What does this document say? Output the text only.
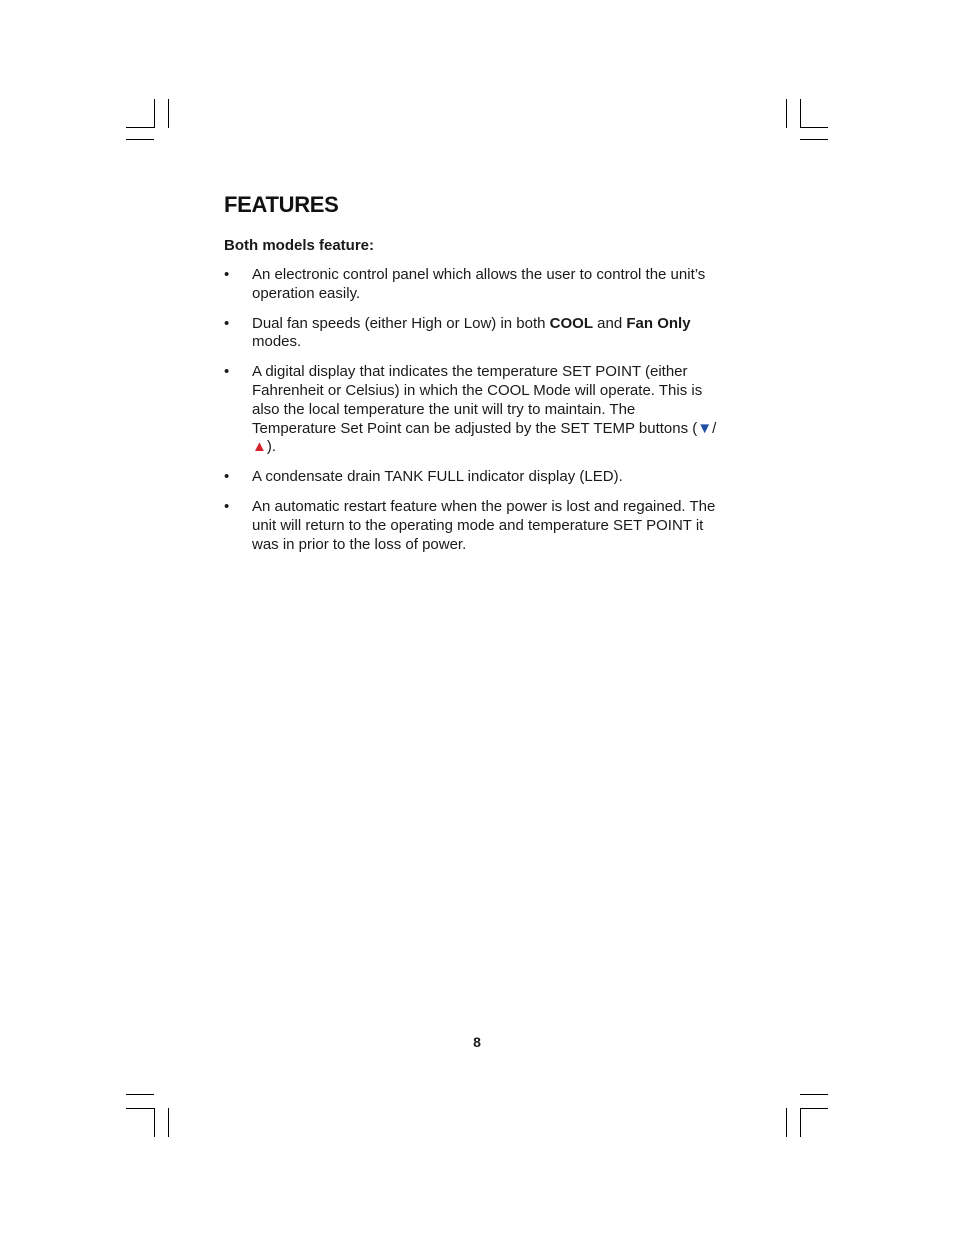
FEATURES

Both models feature:

• An electronic control panel which allows the user to control the unit’s operation easily.
• Dual fan speeds (either High or Low) in both COOL and Fan Only modes.
• A digital display that indicates the temperature SET POINT (either Fahrenheit or Celsius) in which the COOL Mode will operate. This is also the local temperature the unit will try to maintain. The Temperature Set Point can be adjusted by the SET TEMP buttons (▼/▲).
• A condensate drain TANK FULL indicator display (LED).
• An automatic restart feature when the power is lost and regained. The unit will return to the operating mode and temperature SET POINT it was in prior to the loss of power.
8
